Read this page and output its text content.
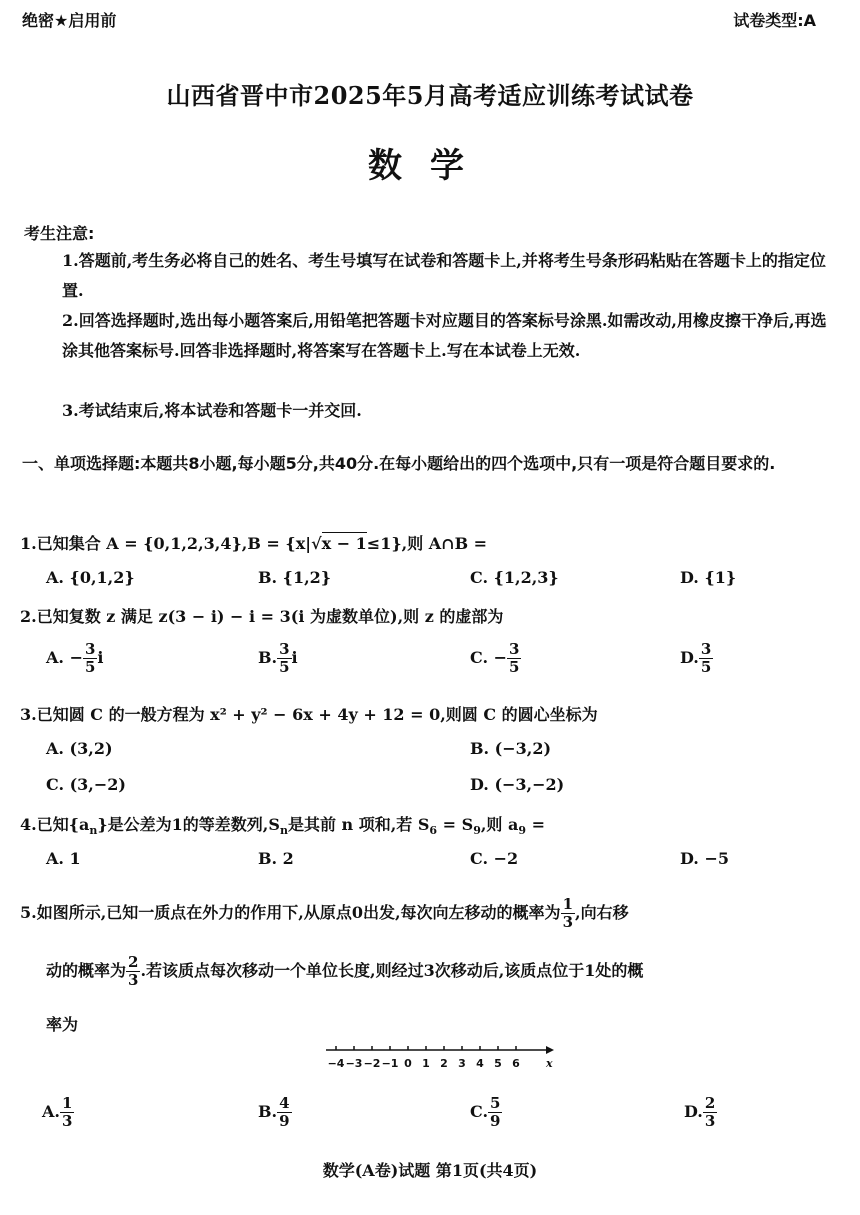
绝密★启用前	试卷类型:A
山西省晋中市2025年5月高考适应训练考试试卷
数学
考生注意:
1.答题前,考生务必将自己的姓名、考生号填写在试卷和答题卡上,并将考生号条形码粘贴在答题卡上的指定位置.
2.回答选择题时,选出每小题答案后,用铅笔把答题卡对应题目的答案标号涂黑.如需改动,用橡皮擦干净后,再选涂其他答案标号.回答非选择题时,将答案写在答题卡上.写在本试卷上无效.
3.考试结束后,将本试卷和答题卡一并交回.
一、单项选择题:本题共8小题,每小题5分,共40分.在每小题给出的四个选项中,只有一项是符合题目要求的.
1.已知集合 A = {0,1,2,3,4},B = {x|√x − 1≤1},则 A∩B =
A. {0,1,2}	B. {1,2}	C. {1,2,3}	D. {1}
2.已知复数 z 满足 z(3 − i) − i = 3(i 为虚数单位),则 z 的虚部为
A. − $\frac{3}{5}$ i	B. $\frac{3}{5}$ i	C. − $\frac{3}{5}$	D. $\frac{3}{5}$
3.已知圆 C 的一般方程为 x² + y² − 6x + 4y + 12 = 0,则圆 C 的圆心坐标为
A. (3,2)	B. (−3,2)
C. (3,−2)	D. (−3,−2)
4.已知$\{a_n\}$是公差为1的等差数列$,S_n$是其前 n 项和,若 $S_6 = S_9$,则 $a_9$ =
A. 1	B. 2	C. −2	D. −5
5.如图所示,已知一质点在外力的作用下,从原点0出发,每次向左移动的概率为 $\frac{1}{3}$ ,向右移
动的概率为 $\frac{2}{3}$ .若该质点每次移动一个单位长度,则经过3次移动后,该质点位于1处的概
率为
−4 −3 −2 −1 0 1 2 3 4 5 6 x
A. $\frac{1}{3}$	B. $\frac{4}{9}$	C. $\frac{5}{9}$	D. $\frac{2}{3}$
数学(A卷)试题 第1页(共4页)
